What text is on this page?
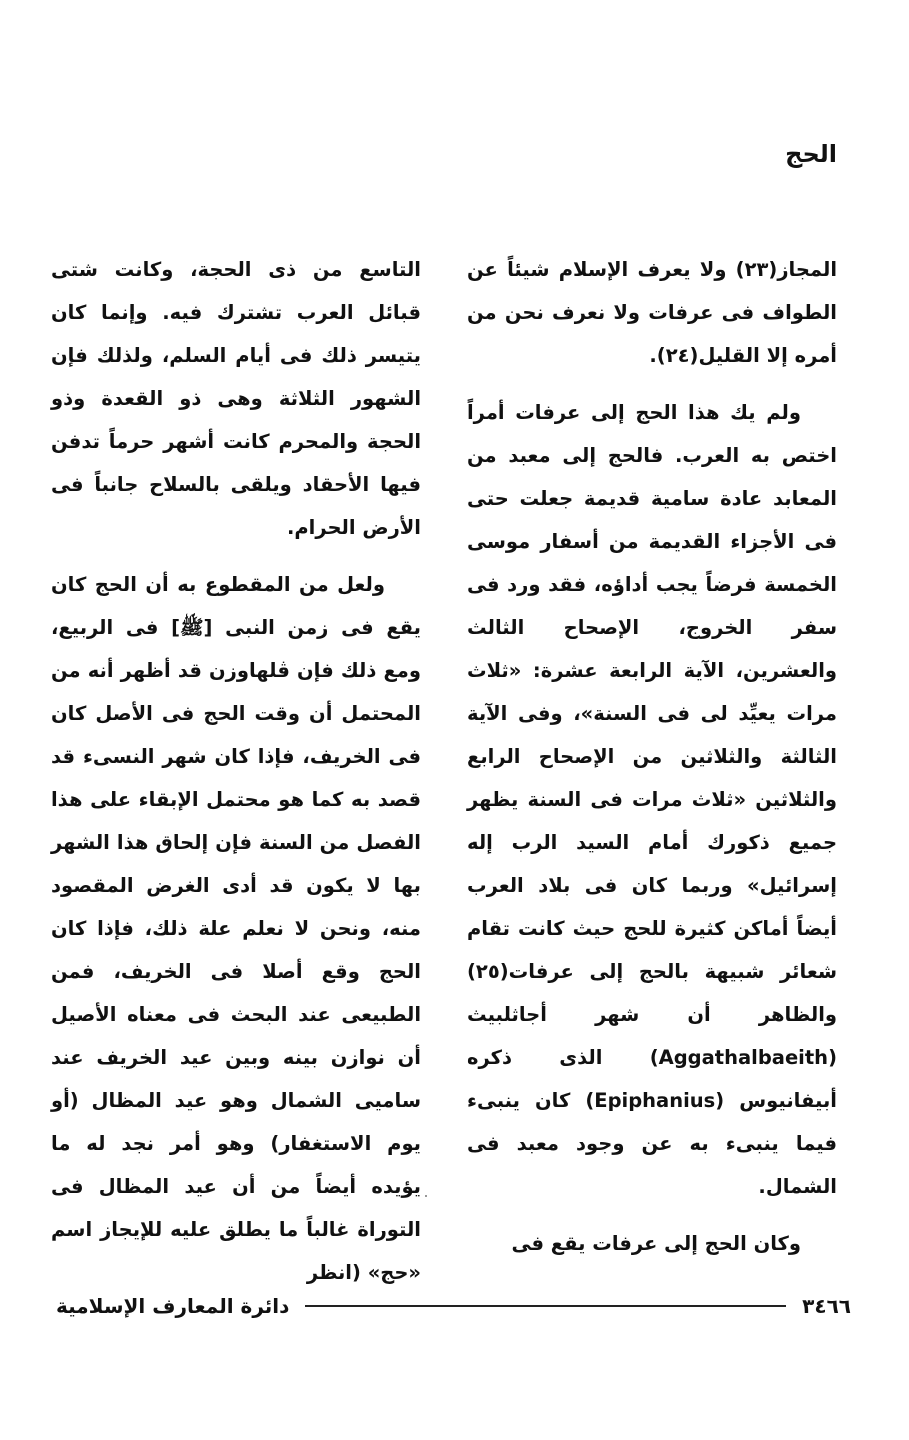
الحج

المجاز(٢٣) ولا يعرف الإسلام شيئاً عن الطواف فى عرفات ولا نعرف نحن من أمره إلا القليل(٢٤).

ولم يك هذا الحج إلى عرفات أمراً اختص به العرب. فالحج إلى معبد من المعابد عادة سامية قديمة جعلت حتى فى الأجزاء القديمة من أسفار موسى الخمسة فرضاً يجب أداؤه، فقد ورد فى سفر الخروج، الإصحاح الثالث والعشرين، الآية الرابعة عشرة: «ثلاث مرات يعيِّد لى فى السنة»، وفى الآية الثالثة والثلاثين من الإصحاح الرابع والثلاثين «ثلاث مرات فى السنة يظهر جميع ذكورك أمام السيد الرب إله إسرائيل» وربما كان فى بلاد العرب أيضاً أماكن كثيرة للحج حيث كانت تقام شعائر شبيهة بالحج إلى عرفات(٢٥) والظاهر أن شهر أجاثلبيث (Aggathalbaeith) الذى ذكره أبيفانيوس (Epiphanius) كان ينبىء فيما ينبىء به عن وجود معبد فى الشمال.

وكان الحج إلى عرفات يقع فى

التاسع من ذى الحجة، وكانت شتى قبائل العرب تشترك فيه. وإنما كان يتيسر ذلك فى أيام السلم، ولذلك فإن الشهور الثلاثة وهى ذو القعدة وذو الحجة والمحرم كانت أشهر حرماً تدفن فيها الأحقاد ويلقى بالسلاح جانباً فى الأرض الحرام.

ولعل من المقطوع به أن الحج كان يقع فى زمن النبى [ﷺ] فى الربيع، ومع ذلك فإن ڤلهاوزن قد أظهر أنه من المحتمل أن وقت الحج فى الأصل كان فى الخريف، فإذا كان شهر النسىء قد قصد به كما هو محتمل الإبقاء على هذا الفصل من السنة فإن إلحاق هذا الشهر بها لا يكون قد أدى الغرض المقصود منه، ونحن لا نعلم علة ذلك، فإذا كان الحج وقع أصلا فى الخريف، فمن الطبيعى عند البحث فى معناه الأصيل أن نوازن بينه وبين عيد الخريف عند ساميى الشمال وهو عيد المظال (أو يوم الاستغفار) وهو أمر نجد له ما يؤيده أيضاً من أن عيد المظال فى التوراة غالباً ما يطلق عليه للإيجاز اسم «حج» (انظر

٣٤٦٦
دائرة المعارف الإسلامية
